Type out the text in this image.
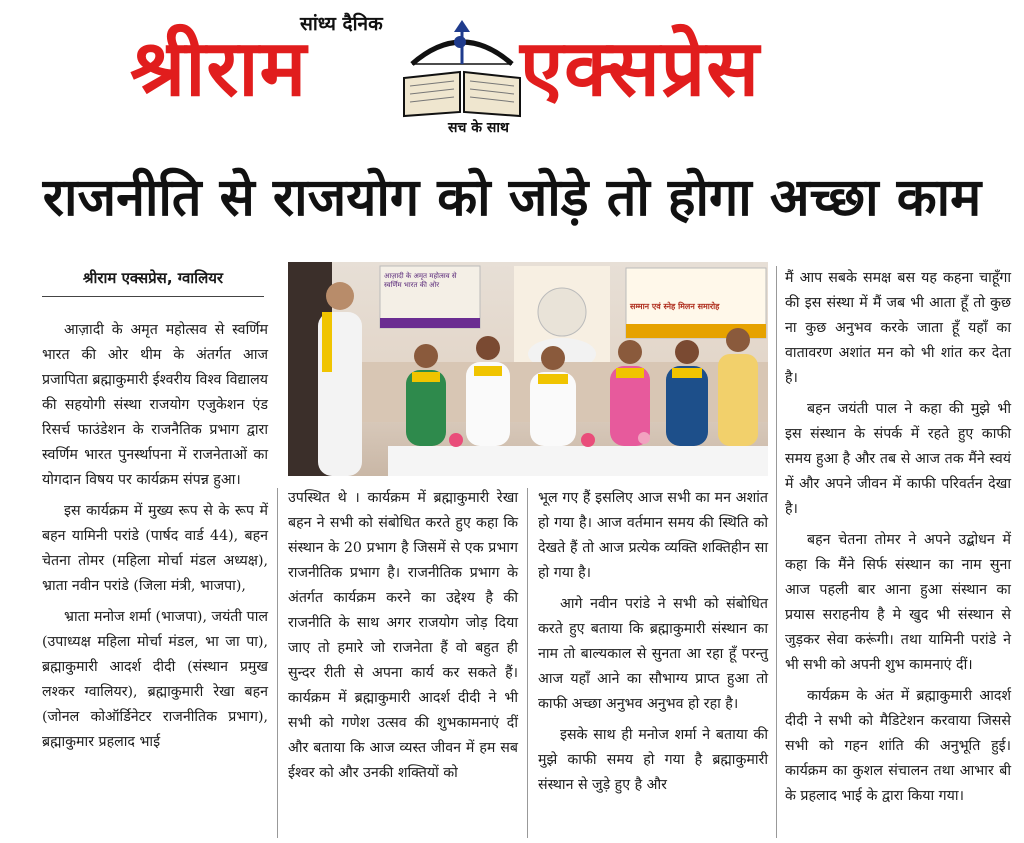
सांध्य दैनिक
श्रीराम
सच के साथ
एक्सप्रेस
राजनीति से राजयोग को जोड़े तो होगा अच्छा काम
श्रीराम एक्सप्रेस, ग्वालियर	आज़ादी के अमृत महोत्सव से स्वर्णिम भारत की ओर
सम्मान एवं स्नेह मिलन समारोह

आज़ादी के अमृत महोत्सव से स्वर्णिम भारत की ओर थीम के अंतर्गत आज प्रजापिता ब्रह्माकुमारी ईश्वरीय विश्व विद्यालय की सहयोगी संस्था राजयोग एजुकेशन एंड रिसर्च फाउंडेशन के राजनैतिक प्रभाग द्वारा स्वर्णिम भारत पुनर्स्थापना में राजनेताओं का योगदान विषय पर कार्यक्रम संपन्न हुआ।

इस कार्यक्रम में मुख्य रूप से के रूप में बहन यामिनी परांडे (पार्षद वार्ड 44), बहन चेतना तोमर (महिला मोर्चा मंडल अध्यक्ष), भ्राता नवीन परांडे (जिला मंत्री, भाजपा),

भ्राता मनोज शर्मा (भाजपा), जयंती पाल (उपाध्यक्ष महिला मोर्चा मंडल, भा जा पा), ब्रह्माकुमारी आदर्श दीदी (संस्थान प्रमुख लश्कर ग्वालियर), ब्रह्माकुमारी रेखा बहन (जोनल कोऑर्डिनेटर राजनीतिक प्रभाग), ब्रह्माकुमार प्रहलाद भाई

उपस्थित थे । कार्यक्रम में ब्रह्माकुमारी रेखा बहन ने सभी को संबोधित करते हुए कहा कि संस्थान के 20 प्रभाग है जिसमें से एक प्रभाग राजनीतिक प्रभाग है। राजनीतिक प्रभाग के अंतर्गत कार्यक्रम करने का उद्देश्य है की राजनीति के साथ अगर राजयोग जोड़ दिया जाए तो हमारे जो राजनेता हैं वो बहुत ही सुन्दर रीती से अपना कार्य कर सकते हैं। कार्यक्रम में ब्रह्माकुमारी आदर्श दीदी ने भी सभी को गणेश उत्सव की शुभकामनाएं दीं और बताया कि आज व्यस्त जीवन में हम सब ईश्वर को और उनकी शक्तियों को

भूल गए हैं इसलिए आज सभी का मन अशांत हो गया है। आज वर्तमान समय की स्थिति को देखते हैं तो आज प्रत्येक व्यक्ति शक्तिहीन सा हो गया है।

आगे नवीन परांडे ने सभी को संबोधित करते हुए बताया कि ब्रह्माकुमारी संस्थान का नाम तो बाल्यकाल से सुनता आ रहा हूँ परन्तु आज यहाँ आने का सौभाग्य प्राप्त हुआ तो काफी अच्छा अनुभव अनुभव हो रहा है।

इसके साथ ही मनोज शर्मा ने बताया की मुझे काफी समय हो गया है ब्रह्माकुमारी संस्थान से जुड़े हुए है और

मैं आप सबके समक्ष बस यह कहना चाहूँगा की इस संस्था में मैं जब भी आता हूँ तो कुछ ना कुछ अनुभव करके जाता हूँ यहाँ का वातावरण अशांत मन को भी शांत कर देता है।

बहन जयंती पाल ने कहा की मुझे भी इस संस्थान के संपर्क में रहते हुए काफी समय हुआ है और तब से आज तक मैंने स्वयं में और अपने जीवन में काफी परिवर्तन देखा है।

बहन चेतना तोमर ने अपने उद्बोधन में कहा कि मैंने सिर्फ संस्थान का नाम सुना आज पहली बार आना हुआ संस्थान का प्रयास सराहनीय है मे खुद भी संस्थान से जुड़कर सेवा करूंगी। तथा यामिनी परांडे ने भी सभी को अपनी शुभ कामनाएं दीं।

कार्यक्रम के अंत में ब्रह्माकुमारी आदर्श दीदी ने सभी को मैडिटेशन करवाया जिससे सभी को गहन शांति की अनुभूति हुई। कार्यक्रम का कुशल संचालन तथा आभार बी के प्रहलाद भाई के द्वारा किया गया।
